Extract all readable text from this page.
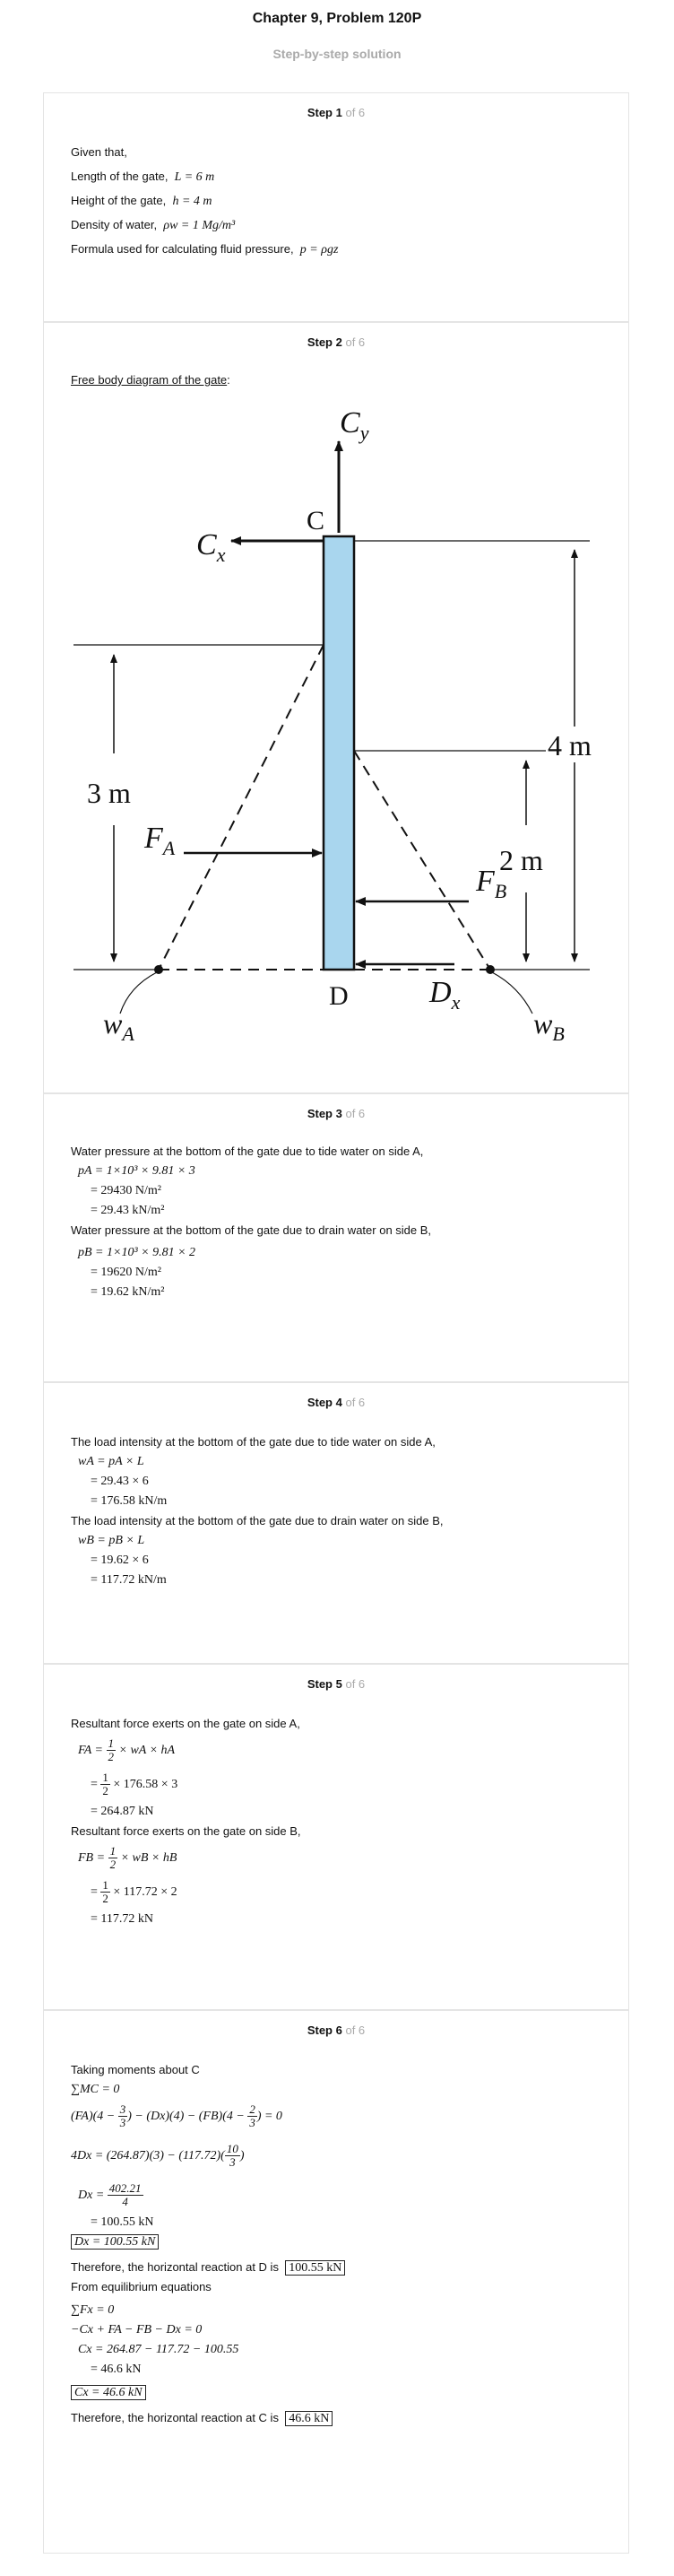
Chapter 9, Problem 120P
Step-by-step solution
Step 1 of 6

Given that,

Length of the gate, L = 6 m

Height of the gate, h = 4 m

Density of water, ρw = 1 Mg/m³

Formula used for calculating fluid pressure, p = ρgz

Step 2 of 6

Free body diagram of the gate:

$C_y$
$C_x$
C
D	$D_x$
$F_A$
$F_B$
$w_A$	$w_B$
3 m
2 m
4 m
Step 3 of 6

Water pressure at the bottom of the gate due to tide water on side A,

pA = 1×10³ × 9.81 × 3

= 29430 N/m²

= 29.43 kN/m²

Water pressure at the bottom of the gate due to drain water on side B,

pB = 1×10³ × 9.81 × 2

= 19620 N/m²

= 19.62 kN/m²

Step 4 of 6

The load intensity at the bottom of the gate due to tide water on side A,

wA = pA × L

= 29.43 × 6

= 176.58 kN/m

The load intensity at the bottom of the gate due to drain water on side B,

wB = pB × L

= 19.62 × 6

= 117.72 kN/m

Step 5 of 6

Resultant force exerts on the gate on side A,

FA = $\frac{1}{2}$ × wA × hA

= $\frac{1}{2} \times 176.58 \times 3$

= 264.87 kN

Resultant force exerts on the gate on side B,

FB = $\frac{1}{2}$ × wB × hB

= $\frac{1}{2} \times 117.72 \times 2$

= 117.72 kN

Step 6 of 6

Taking moments about C

∑MC = 0

$(FA)(4 - \frac{3}{3}$ ) − $(Dx)(4) - (FB)(4 - \frac{2}{3}$ ) = 0

$4Dx = (264.87)(3) - (117.72)( \frac{10}{3}$ )

$Dx = \frac{402.21}{4}$

= 100.55 kN

Dx = 100.55 kN

Therefore, the horizontal reaction at D is 100.55 kN

From equilibrium equations

∑Fx = 0

−Cx + FA − FB − Dx = 0

Cx = 264.87 − 117.72 − 100.55

= 46.6 kN

Cx = 46.6 kN

Therefore, the horizontal reaction at C is 46.6 kN
